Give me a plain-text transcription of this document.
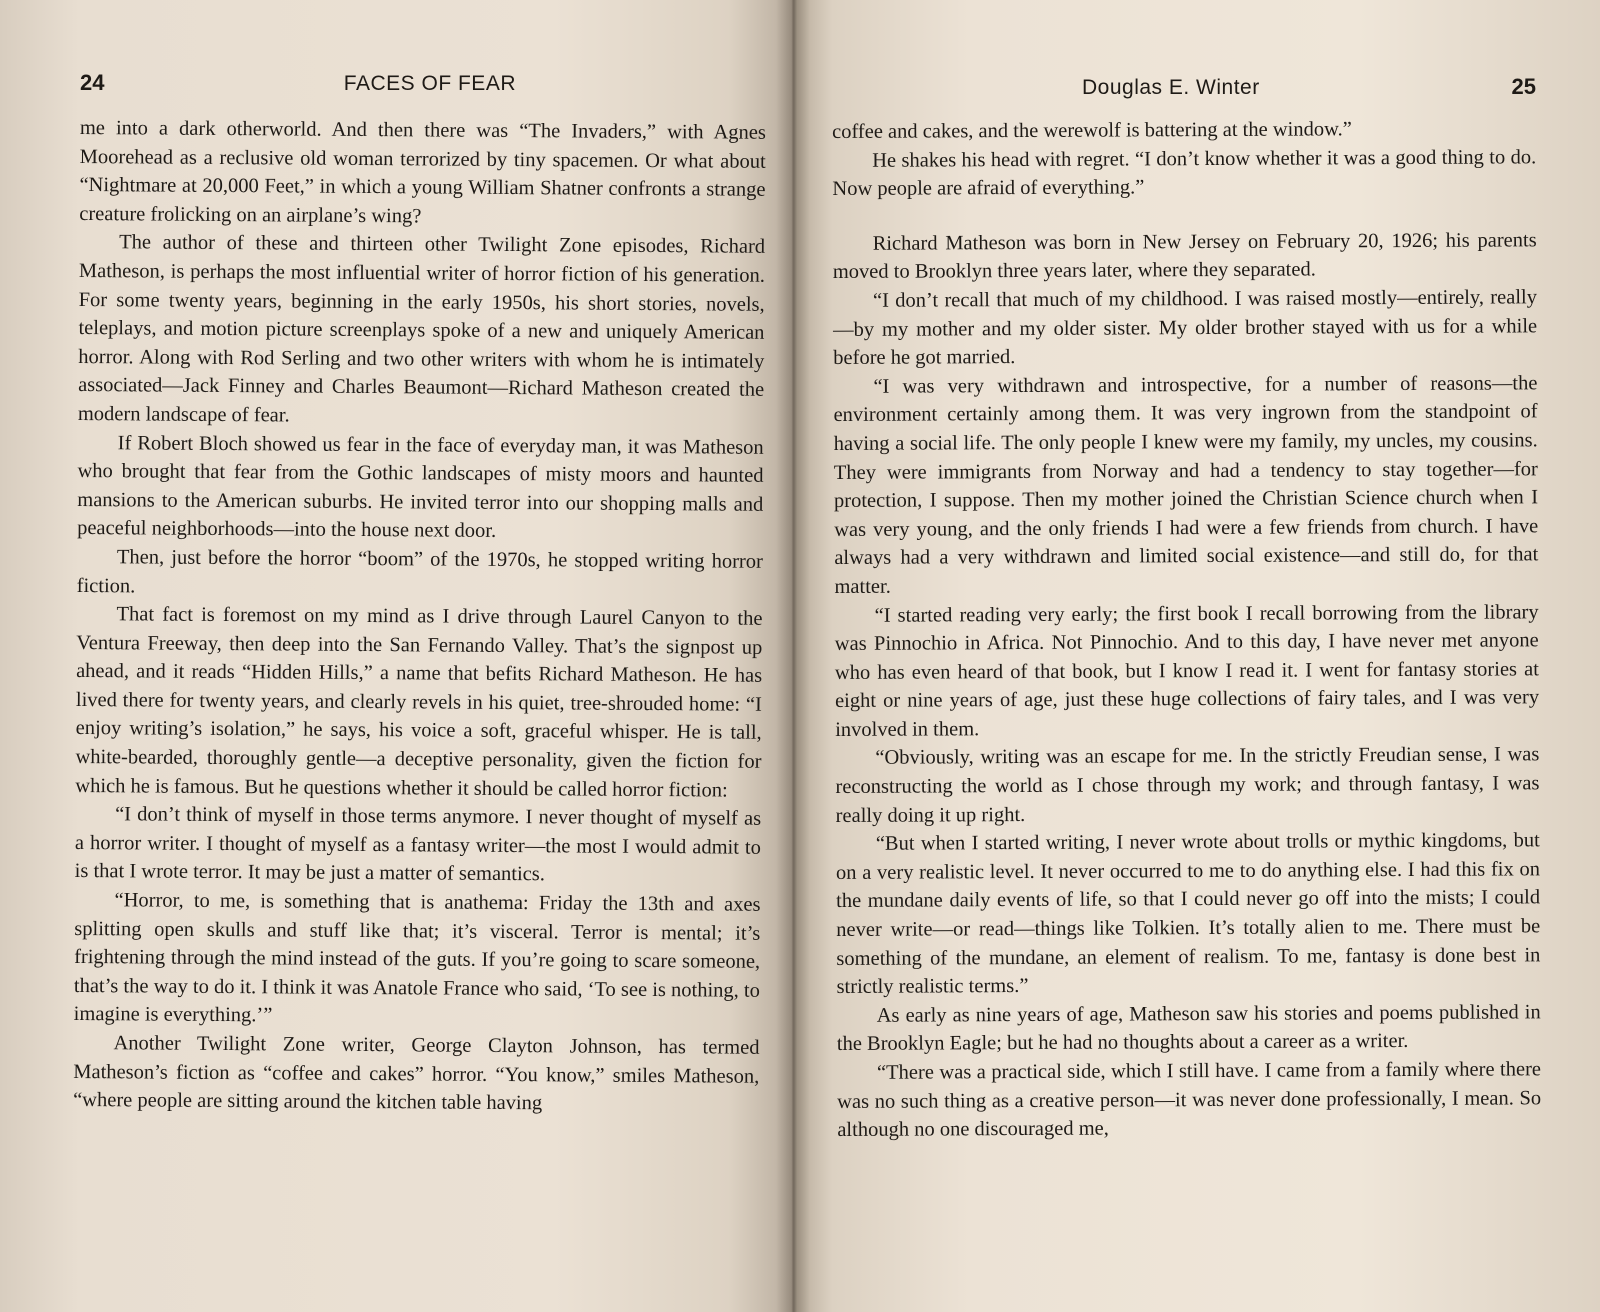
24	FACES OF FEAR

me into a dark otherworld. And then there was “The Invaders,” with Agnes Moorehead as a reclusive old woman terrorized by tiny spacemen. Or what about “Nightmare at 20,000 Feet,” in which a young William Shatner confronts a strange creature frolicking on an airplane’s wing?

The author of these and thirteen other Twilight Zone episodes, Richard Matheson, is perhaps the most influential writer of horror fiction of his generation. For some twenty years, beginning in the early 1950s, his short stories, novels, teleplays, and motion picture screenplays spoke of a new and uniquely American horror. Along with Rod Serling and two other writers with whom he is intimately associated—Jack Finney and Charles Beaumont—Richard Matheson created the modern landscape of fear.

If Robert Bloch showed us fear in the face of everyday man, it was Matheson who brought that fear from the Gothic landscapes of misty moors and haunted mansions to the American suburbs. He invited terror into our shopping malls and peaceful neighborhoods—into the house next door.

Then, just before the horror “boom” of the 1970s, he stopped writing horror fiction.

That fact is foremost on my mind as I drive through Laurel Canyon to the Ventura Freeway, then deep into the San Fernando Valley. That’s the signpost up ahead, and it reads “Hidden Hills,” a name that befits Richard Matheson. He has lived there for twenty years, and clearly revels in his quiet, tree-shrouded home: “I enjoy writing’s isolation,” he says, his voice a soft, graceful whisper. He is tall, white-bearded, thoroughly gentle—a deceptive personality, given the fiction for which he is famous. But he questions whether it should be called horror fiction:

“I don’t think of myself in those terms anymore. I never thought of myself as a horror writer. I thought of myself as a fantasy writer—the most I would admit to is that I wrote terror. It may be just a matter of semantics.

“Horror, to me, is something that is anathema: Friday the 13th and axes splitting open skulls and stuff like that; it’s visceral. Terror is mental; it’s frightening through the mind instead of the guts. If you’re going to scare someone, that’s the way to do it. I think it was Anatole France who said, ‘To see is nothing, to imagine is everything.’”

Another Twilight Zone writer, George Clayton Johnson, has termed Matheson’s fiction as “coffee and cakes” horror. “You know,” smiles Matheson, “where people are sitting around the kitchen table having

Douglas E. Winter	25

coffee and cakes, and the werewolf is battering at the window.”

He shakes his head with regret. “I don’t know whether it was a good thing to do. Now people are afraid of everything.”

Richard Matheson was born in New Jersey on February 20, 1926; his parents moved to Brooklyn three years later, where they separated.

“I don’t recall that much of my childhood. I was raised mostly—entirely, really—by my mother and my older sister. My older brother stayed with us for a while before he got married.

“I was very withdrawn and introspective, for a number of reasons—the environment certainly among them. It was very ingrown from the standpoint of having a social life. The only people I knew were my family, my uncles, my cousins. They were immigrants from Norway and had a tendency to stay together—for protection, I suppose. Then my mother joined the Christian Science church when I was very young, and the only friends I had were a few friends from church. I have always had a very withdrawn and limited social existence—and still do, for that matter.

“I started reading very early; the first book I recall borrowing from the library was Pinnochio in Africa. Not Pinnochio. And to this day, I have never met anyone who has even heard of that book, but I know I read it. I went for fantasy stories at eight or nine years of age, just these huge collections of fairy tales, and I was very involved in them.

“Obviously, writing was an escape for me. In the strictly Freudian sense, I was reconstructing the world as I chose through my work; and through fantasy, I was really doing it up right.

“But when I started writing, I never wrote about trolls or mythic kingdoms, but on a very realistic level. It never occurred to me to do anything else. I had this fix on the mundane daily events of life, so that I could never go off into the mists; I could never write—or read—things like Tolkien. It’s totally alien to me. There must be something of the mundane, an element of realism. To me, fantasy is done best in strictly realistic terms.”

As early as nine years of age, Matheson saw his stories and poems published in the Brooklyn Eagle; but he had no thoughts about a career as a writer.

“There was a practical side, which I still have. I came from a family where there was no such thing as a creative person—it was never done professionally, I mean. So although no one discouraged me,
